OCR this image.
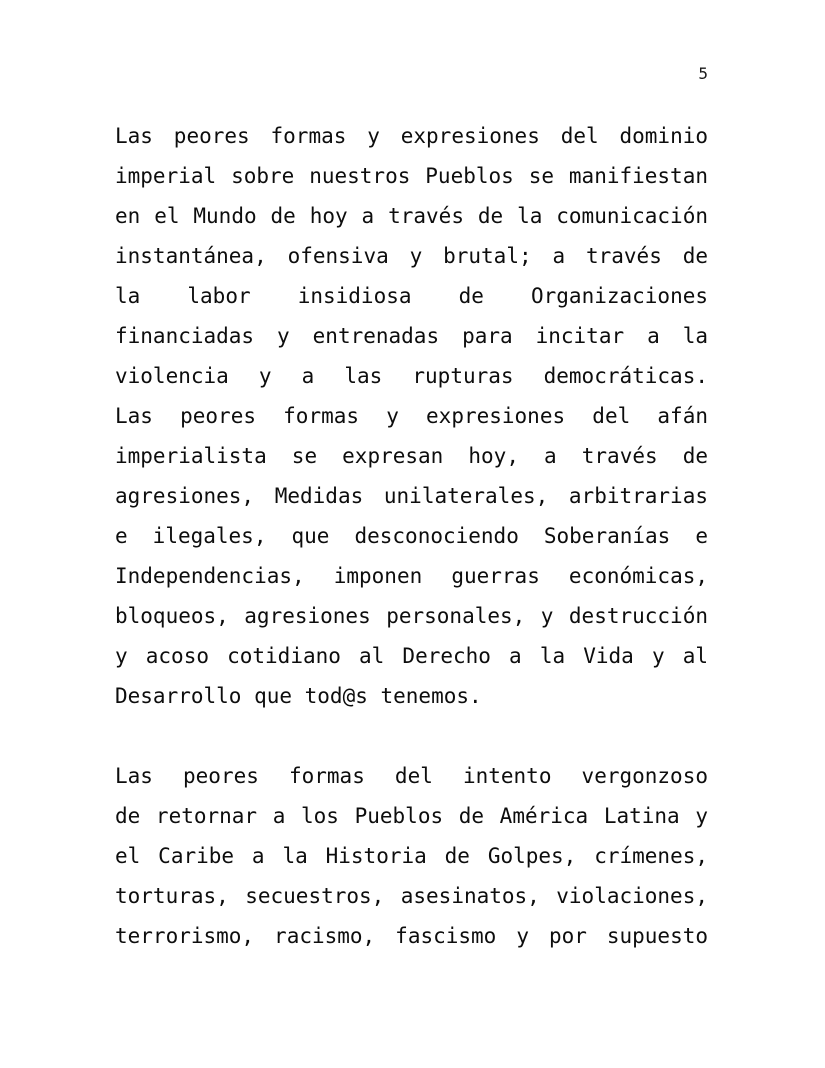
5
Las peores formas y expresiones del dominio
imperial sobre nuestros Pueblos se manifiestan
en el Mundo de hoy a través de la comunicación
instantánea, ofensiva y brutal; a través de
la labor insidiosa de Organizaciones
financiadas y entrenadas para incitar a la
violencia y a las rupturas democráticas.
Las peores formas y expresiones del afán
imperialista se expresan hoy, a través de
agresiones, Medidas unilaterales, arbitrarias
e ilegales, que desconociendo Soberanías e
Independencias, imponen guerras económicas,
bloqueos, agresiones personales, y destrucción
y acoso cotidiano al Derecho a la Vida y al
Desarrollo que tod@s tenemos.
Las peores formas del intento vergonzoso
de retornar a los Pueblos de América Latina y
el Caribe a la Historia de Golpes, crímenes,
torturas, secuestros, asesinatos, violaciones,
terrorismo, racismo, fascismo y por supuesto
